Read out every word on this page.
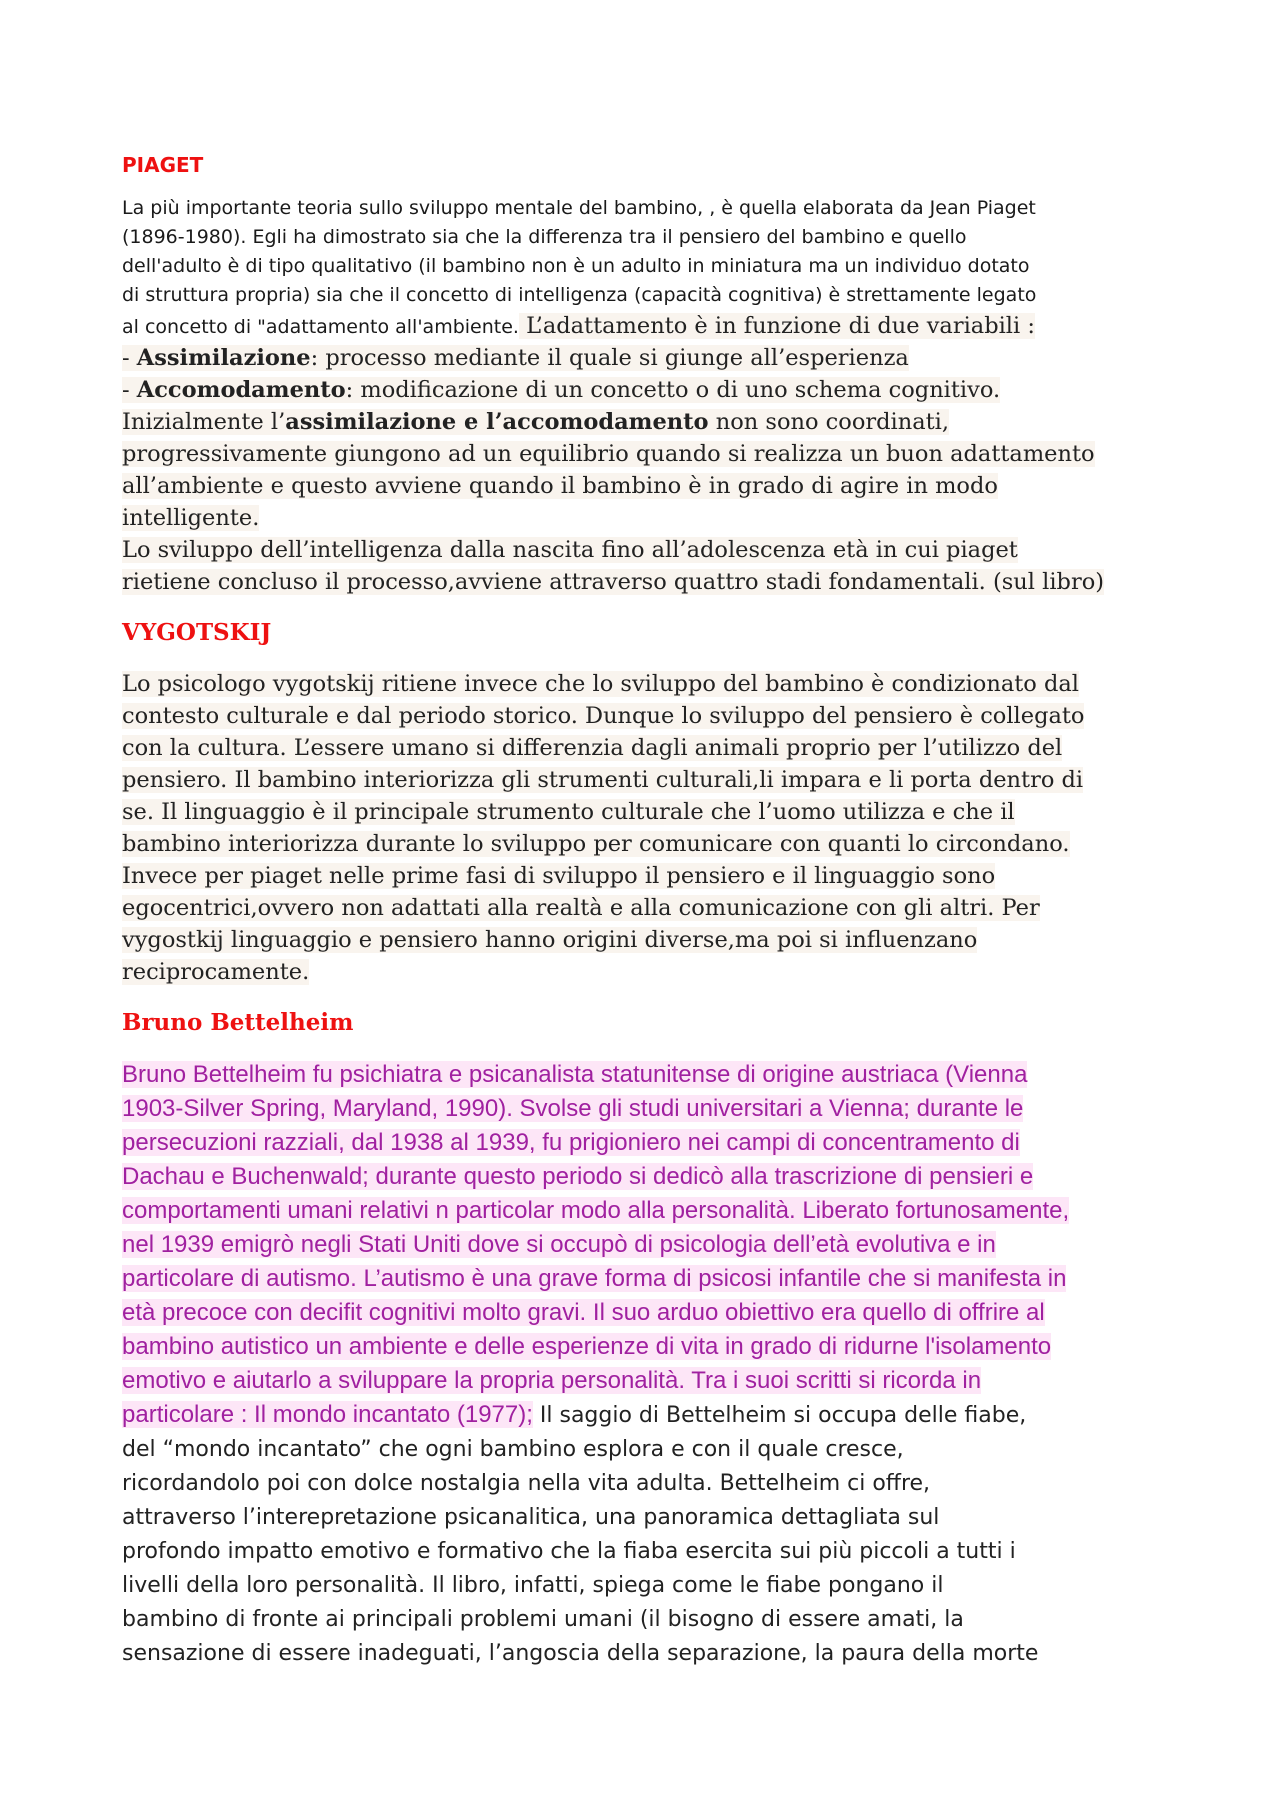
PIAGET

La più importante teoria sullo sviluppo mentale del bambino, , è quella elaborata da Jean Piaget

(1896-1980). Egli ha dimostrato sia che la differenza tra il pensiero del bambino e quello

dell'adulto è di tipo qualitativo (il bambino non è un adulto in miniatura ma un individuo dotato

di struttura propria) sia che il concetto di intelligenza (capacità cognitiva) è strettamente legato

al concetto di "adattamento all'ambiente. L’adattamento è in funzione di due variabili :

- Assimilazione: processo mediante il quale si giunge all’esperienza

- Accomodamento: modificazione di un concetto o di uno schema cognitivo.

Inizialmente l’assimilazione e l’accomodamento non sono coordinati,

progressivamente giungono ad un equilibrio quando si realizza un buon adattamento

all’ambiente e questo avviene quando il bambino è in grado di agire in modo

intelligente.

Lo sviluppo dell’intelligenza dalla nascita fino all’adolescenza età in cui piaget

rietiene concluso il processo,avviene attraverso quattro stadi fondamentali. (sul libro)

VYGOTSKIJ

Lo psicologo vygotskij ritiene invece che lo sviluppo del bambino è condizionato dal

contesto culturale e dal periodo storico. Dunque lo sviluppo del pensiero è collegato

con la cultura. L’essere umano si differenzia dagli animali proprio per l’utilizzo del

pensiero. Il bambino interiorizza gli strumenti culturali,li impara e li porta dentro di

se. Il linguaggio è il principale strumento culturale che l’uomo utilizza e che il

bambino interiorizza durante lo sviluppo per comunicare con quanti lo circondano.

Invece per piaget nelle prime fasi di sviluppo il pensiero e il linguaggio sono

egocentrici,ovvero non adattati alla realtà e alla comunicazione con gli altri. Per

vygostkij linguaggio e pensiero hanno origini diverse,ma poi si influenzano

reciprocamente.

Bruno Bettelheim

Bruno Bettelheim fu psichiatra e psicanalista statunitense di origine austriaca (Vienna

1903-Silver Spring, Maryland, 1990). Svolse gli studi universitari a Vienna; durante le

persecuzioni razziali, dal 1938 al 1939, fu prigioniero nei campi di concentramento di

Dachau e Buchenwald; durante questo periodo si dedicò alla trascrizione di pensieri e

comportamenti umani relativi n particolar modo alla personalità. Liberato fortunosamente,

nel 1939 emigrò negli Stati Uniti dove si occupò di psicologia dell’età evolutiva e in

particolare di autismo. L’autismo è una grave forma di psicosi infantile che si manifesta in

età precoce con decifit cognitivi molto gravi. Il suo arduo obiettivo era quello di offrire al

bambino autistico un ambiente e delle esperienze di vita in grado di ridurne l'isolamento

emotivo e aiutarlo a sviluppare la propria personalità. Tra i suoi scritti si ricorda in

particolare : Il mondo incantato (1977); Il saggio di Bettelheim si occupa delle fiabe,

del “mondo incantato” che ogni bambino esplora e con il quale cresce,

ricordandolo poi con dolce nostalgia nella vita adulta. Bettelheim ci offre,

attraverso l’interepretazione psicanalitica, una panoramica dettagliata sul

profondo impatto emotivo e formativo che la fiaba esercita sui più piccoli a tutti i

livelli della loro personalità. Il libro, infatti, spiega come le fiabe pongano il

bambino di fronte ai principali problemi umani (il bisogno di essere amati, la

sensazione di essere inadeguati, l’angoscia della separazione, la paura della morte
